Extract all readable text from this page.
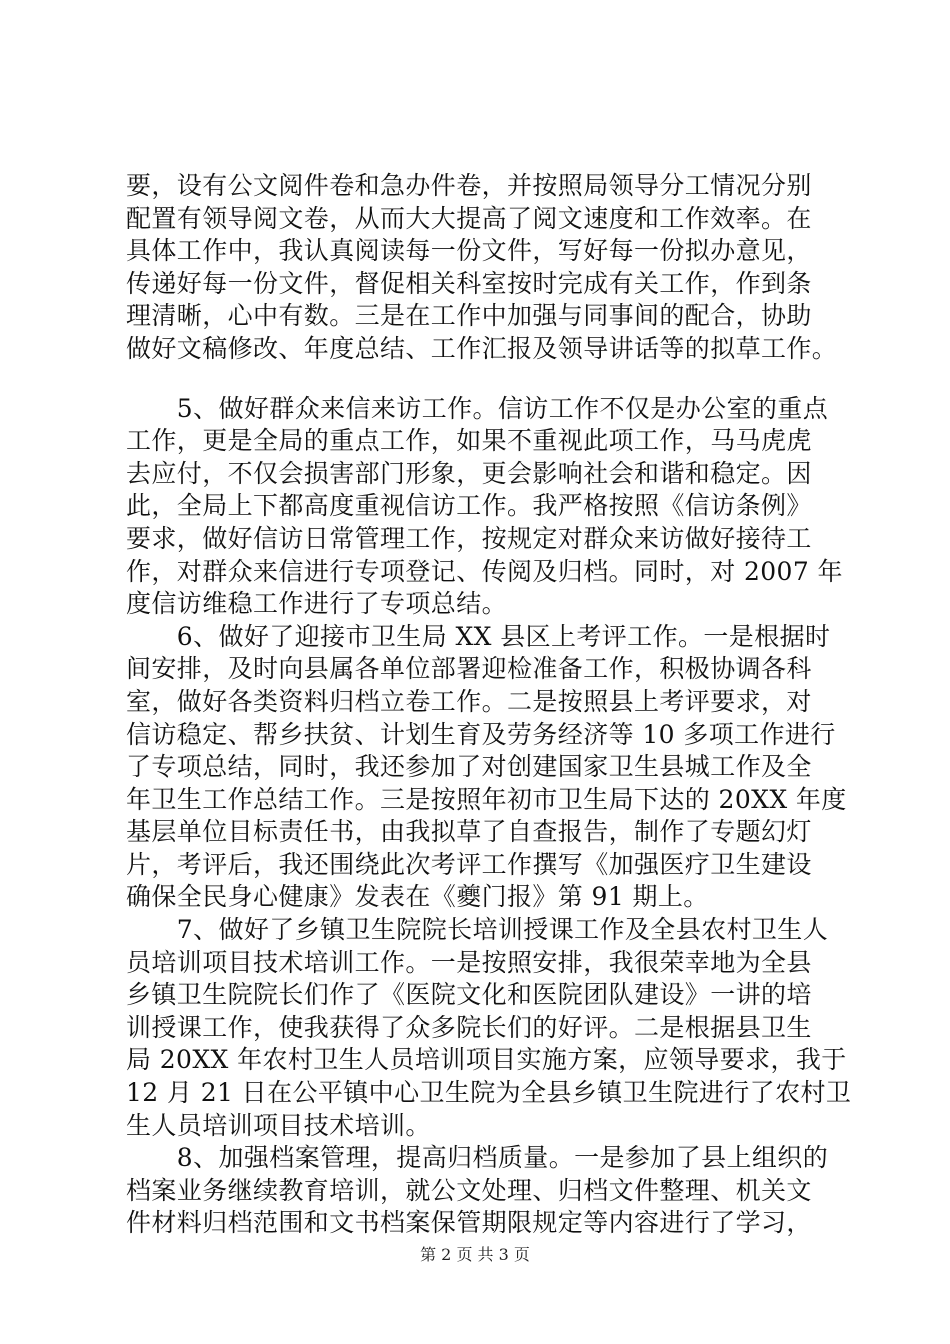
要，设有公文阅件卷和急办件卷，并按照局领导分工情况分别
配置有领导阅文卷，从而大大提高了阅文速度和工作效率。在
具体工作中，我认真阅读每一份文件，写好每一份拟办意见，
传递好每一份文件，督促相关科室按时完成有关工作，作到条
理清晰，心中有数。三是在工作中加强与同事间的配合，协助
做好文稿修改、年度总结、工作汇报及领导讲话等的拟草工作。
　　5、做好群众来信来访工作。信访工作不仅是办公室的重点
工作，更是全局的重点工作，如果不重视此项工作，马马虎虎
去应付，不仅会损害部门形象，更会影响社会和谐和稳定。因
此，全局上下都高度重视信访工作。我严格按照《信访条例》
要求，做好信访日常管理工作，按规定对群众来访做好接待工
作，对群众来信进行专项登记、传阅及归档。同时，对 2007 年
度信访维稳工作进行了专项总结。
　　6、做好了迎接市卫生局 XX 县区上考评工作。一是根据时
间安排，及时向县属各单位部署迎检准备工作，积极协调各科
室，做好各类资料归档立卷工作。二是按照县上考评要求，对
信访稳定、帮乡扶贫、计划生育及劳务经济等 10 多项工作进行
了专项总结，同时，我还参加了对创建国家卫生县城工作及全
年卫生工作总结工作。三是按照年初市卫生局下达的 20XX 年度
基层单位目标责任书，由我拟草了自查报告，制作了专题幻灯
片，考评后，我还围绕此次考评工作撰写《加强医疗卫生建设
确保全民身心健康》发表在《夔门报》第 91 期上。
　　7、做好了乡镇卫生院院长培训授课工作及全县农村卫生人
员培训项目技术培训工作。一是按照安排，我很荣幸地为全县
乡镇卫生院院长们作了《医院文化和医院团队建设》一讲的培
训授课工作，使我获得了众多院长们的好评。二是根据县卫生
局 20XX 年农村卫生人员培训项目实施方案，应领导要求，我于
12 月 21 日在公平镇中心卫生院为全县乡镇卫生院进行了农村卫
生人员培训项目技术培训。
　　8、加强档案管理，提高归档质量。一是参加了县上组织的
档案业务继续教育培训，就公文处理、归档文件整理、机关文
件材料归档范围和文书档案保管期限规定等内容进行了学习，
第 2 页 共 3 页
